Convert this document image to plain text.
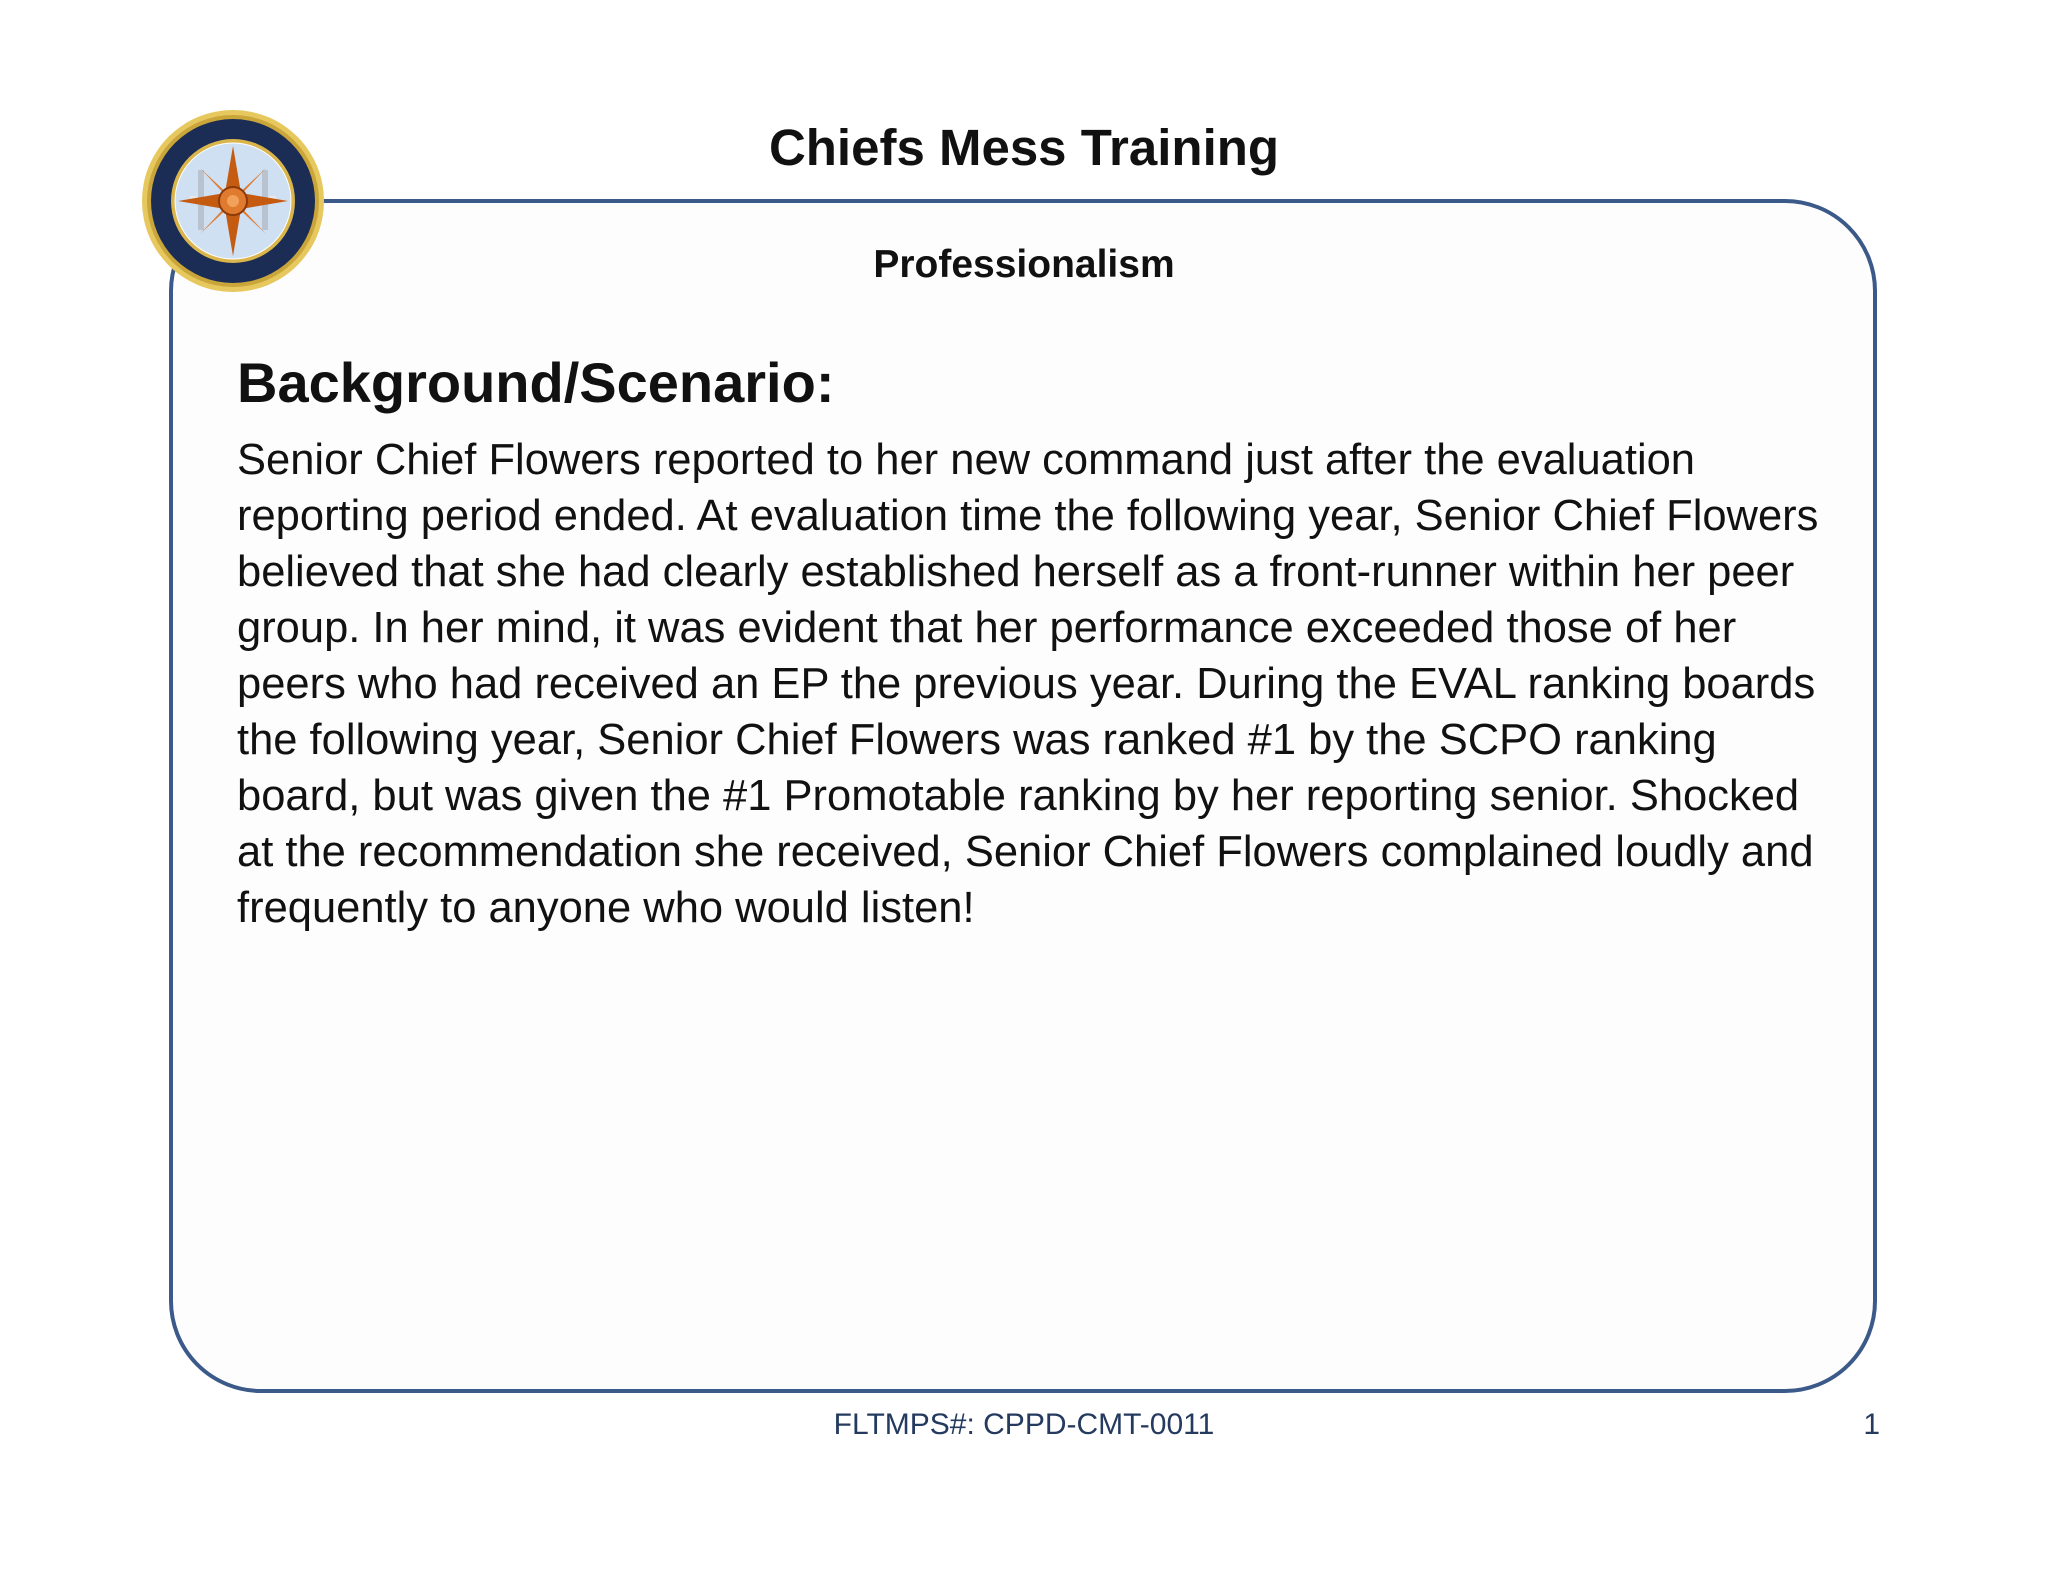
Chiefs Mess Training
Professionalism
Background/Scenario:
Senior Chief Flowers reported to her new command just after the evaluation reporting period ended. At evaluation time the following year, Senior Chief Flowers believed that she had clearly established herself as a front-runner within her peer group. In her mind, it was evident that her performance exceeded those of her peers who had received an EP the previous year. During the EVAL ranking boards the following year, Senior Chief Flowers was ranked #1 by the SCPO ranking board, but was given the #1 Promotable ranking by her reporting senior. Shocked at the recommendation she received, Senior Chief Flowers complained loudly and frequently to anyone who would listen!
FLTMPS#: CPPD-CMT-0011	1
